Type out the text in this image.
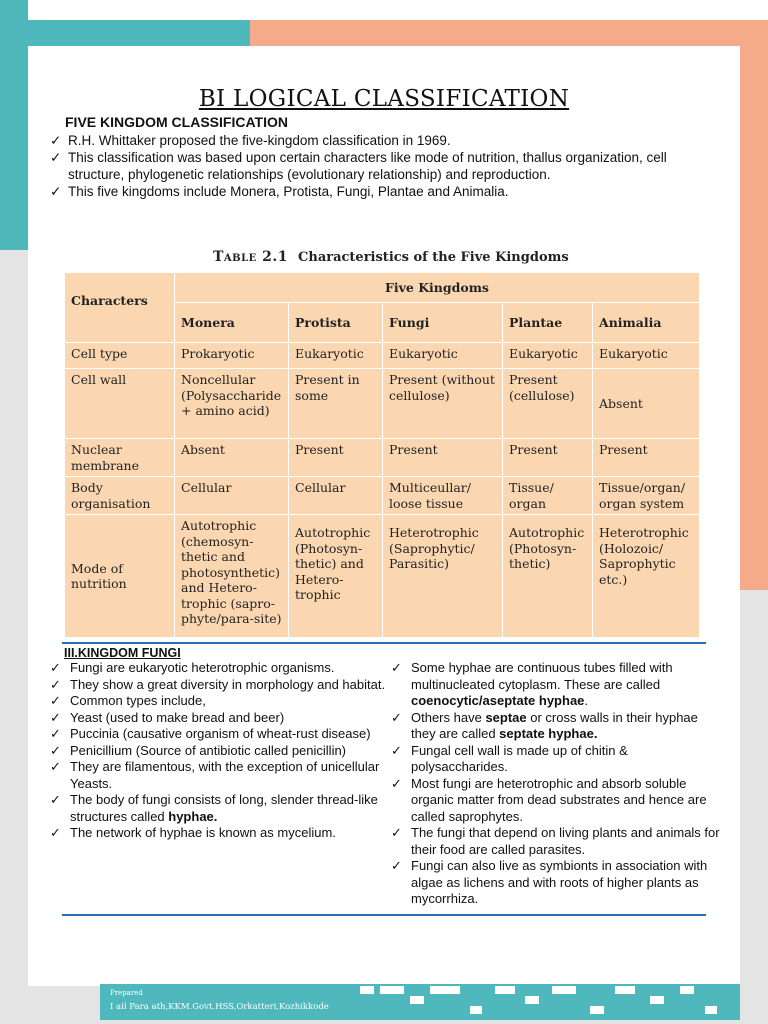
BI LOGICAL CLASSIFICATION
FIVE KINGDOM CLASSIFICATION
✓ R.H. Whittaker proposed the five-kingdom classification in 1969.
✓ This classification was based upon certain characters like mode of nutrition, thallus organization, cell structure, phylogenetic relationships (evolutionary relationship) and reproduction.
✓ This five kingdoms include Monera, Protista, Fungi, Plantae and Animalia.
Table 2.1 Characteristics of the Five Kingdoms
Characters	Five Kingdoms				
	Monera	Protista	Fungi	Plantae	Animalia
Cell type	Prokaryotic	Eukaryotic	Eukaryotic	Eukaryotic	Eukaryotic
Cell wall	Noncellular (Polysaccharide + amino acid)	Present in some	Present (without cellulose)	Present (cellulose)	Absent
Nuclear membrane	Absent	Present	Present	Present	Present
Body organisation	Cellular	Cellular	Multiceullar/ loose tissue	Tissue/ organ	Tissue/organ/ organ system
Mode of nutrition	Autotrophic (chemosyn-thetic and photosynthetic) and Hetero-trophic (sapro-phyte/para-site)	Autotrophic (Photosyn-thetic) and Hetero-trophic	Heterotrophic (Saprophytic/ Parasitic)	Autotrophic (Photosyn-thetic)	Heterotrophic (Holozoic/ Saprophytic etc.)
III.KINGDOM FUNGI
✓ Fungi are eukaryotic heterotrophic organisms.
✓ They show a great diversity in morphology and habitat.
✓ Common types include,
✓ Yeast (used to make bread and beer)
✓ Puccinia (causative organism of wheat-rust disease)
✓ Penicillium (Source of antibiotic called penicillin)
✓ They are filamentous, with the exception of unicellular Yeasts.
✓ The body of fungi consists of long, slender thread-like structures called hyphae.
✓ The network of hyphae is known as mycelium.
✓ Some hyphae are continuous tubes filled with multinucleated cytoplasm. These are called coenocytic/aseptate hyphae.
✓ Others have septae or cross walls in their hyphae they are called septate hyphae.
✓ Fungal cell wall is made up of chitin & polysaccharides.
✓ Most fungi are heterotrophic and absorb soluble organic matter from dead substrates and hence are called saprophytes.
✓ The fungi that depend on living plants and animals for their food are called parasites.
✓ Fungi can also live as symbionts in association with algae as lichens and with roots of higher plants as mycorrhiza.
Prepared
I ail Para ath,KKM.Govt.HSS,Orkatteri,Kozhikkode
